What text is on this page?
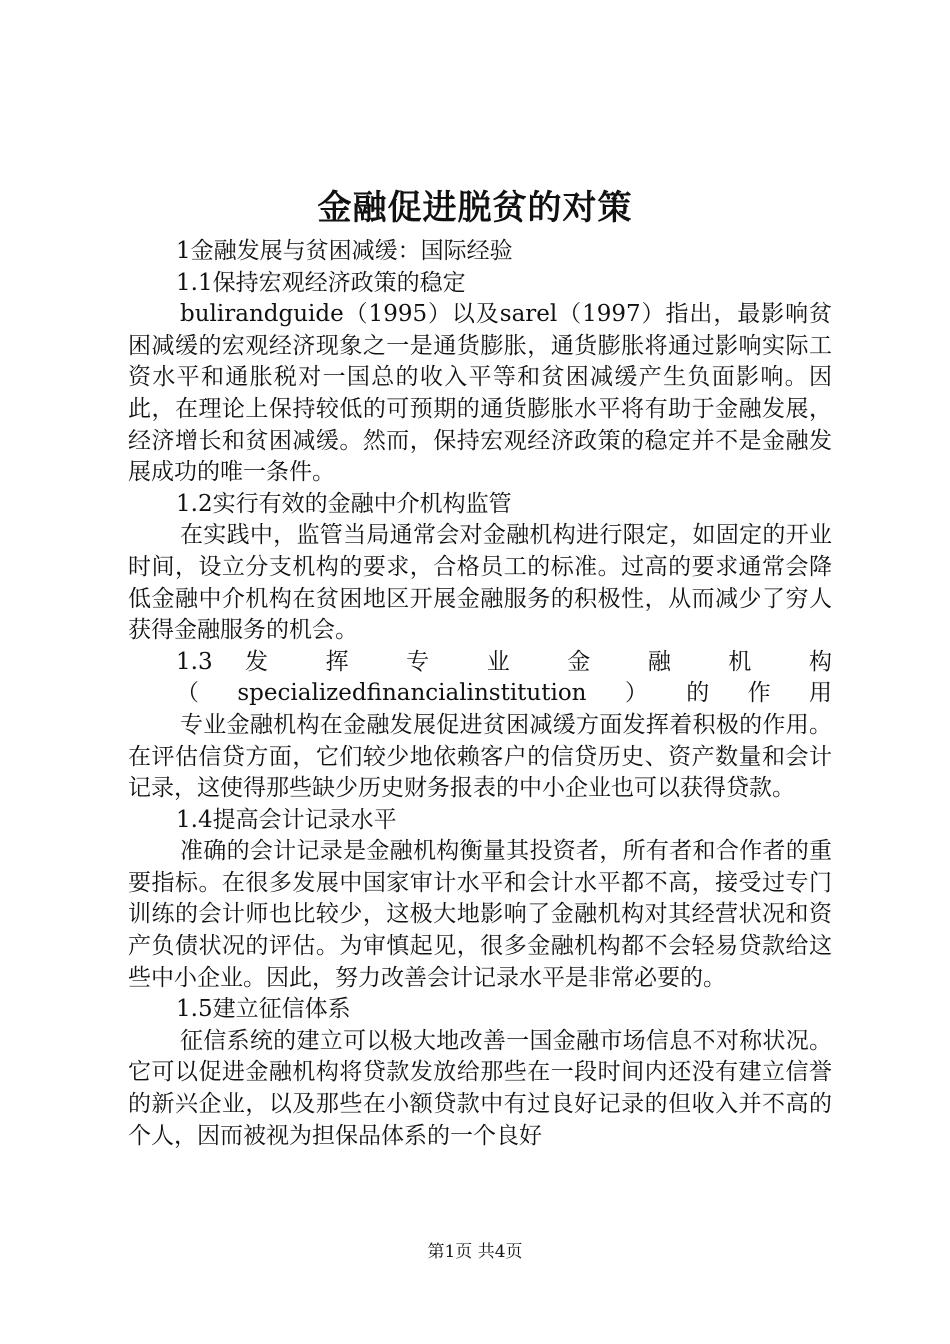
金融促进脱贫的对策

1金融发展与贫困减缓：国际经验

1.1保持宏观经济政策的稳定

bulirandguide（1995）以及sarel（1997）指出，最影响贫困减缓的宏观经济现象之一是通货膨胀，通货膨胀将通过影响实际工资水平和通胀税对一国总的收入平等和贫困减缓产生负面影响。因此，在理论上保持较低的可预期的通货膨胀水平将有助于金融发展，经济增长和贫困减缓。然而，保持宏观经济政策的稳定并不是金融发展成功的唯一条件。

1.2实行有效的金融中介机构监管

在实践中，监管当局通常会对金融机构进行限定，如固定的开业时间，设立分支机构的要求，合格员工的标准。过高的要求通常会降低金融中介机构在贫困地区开展金融服务的积极性，从而减少了穷人获得金融服务的机会。

1.3 发 挥 专 业 金 融 机 构（specializedfinancialinstitution）的作用

专业金融机构在金融发展促进贫困减缓方面发挥着积极的作用。在评估信贷方面，它们较少地依赖客户的信贷历史、资产数量和会计记录，这使得那些缺少历史财务报表的中小企业也可以获得贷款。

1.4提高会计记录水平

准确的会计记录是金融机构衡量其投资者，所有者和合作者的重要指标。在很多发展中国家审计水平和会计水平都不高，接受过专门训练的会计师也比较少，这极大地影响了金融机构对其经营状况和资产负债状况的评估。为审慎起见，很多金融机构都不会轻易贷款给这些中小企业。因此，努力改善会计记录水平是非常必要的。

1.5建立征信体系

征信系统的建立可以极大地改善一国金融市场信息不对称状况。它可以促进金融机构将贷款发放给那些在一段时间内还没有建立信誉的新兴企业，以及那些在小额贷款中有过良好记录的但收入并不高的个人，因而被视为担保品体系的一个良好

第1页 共4页
